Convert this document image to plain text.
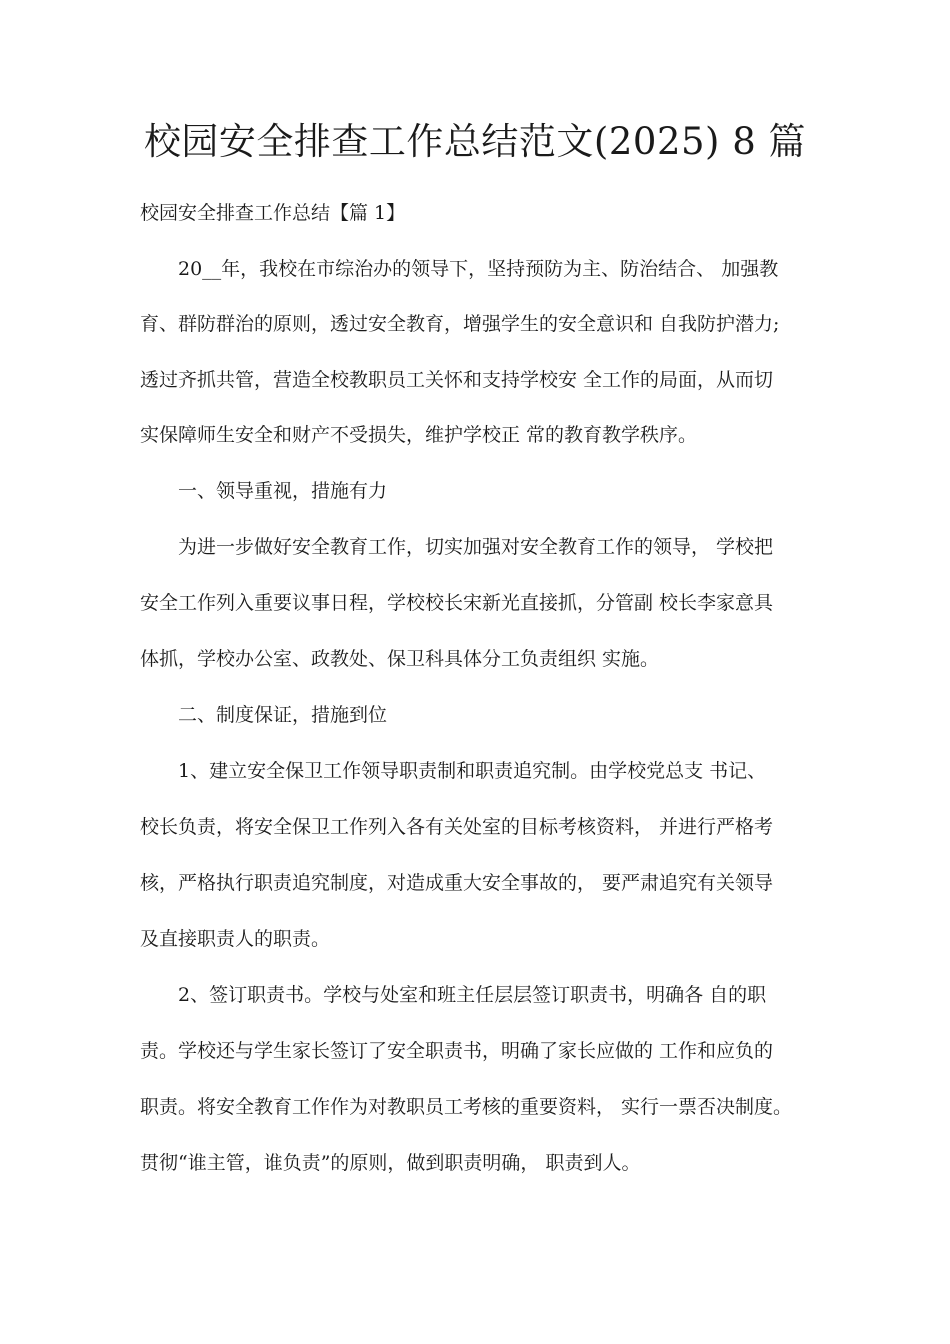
校园安全排查工作总结范文(2025) 8 篇
校园安全排查工作总结【篇 1】
　　20__年，我校在市综治办的领导下，坚持预防为主、防治结合、 加强教
育、群防群治的原则，透过安全教育，增强学生的安全意识和 自我防护潜力;
透过齐抓共管，营造全校教职员工关怀和支持学校安 全工作的局面，从而切
实保障师生安全和财产不受损失，维护学校正 常的教育教学秩序。
　　一、领导重视，措施有力
　　为进一步做好安全教育工作，切实加强对安全教育工作的领导， 学校把
安全工作列入重要议事日程，学校校长宋新光直接抓，分管副 校长李家意具
体抓，学校办公室、政教处、保卫科具体分工负责组织 实施。
　　二、制度保证，措施到位
　　1、建立安全保卫工作领导职责制和职责追究制。由学校党总支 书记、
校长负责，将安全保卫工作列入各有关处室的目标考核资料， 并进行严格考
核，严格执行职责追究制度，对造成重大安全事故的， 要严肃追究有关领导
及直接职责人的职责。
　　2、签订职责书。学校与处室和班主任层层签订职责书，明确各 自的职
责。学校还与学生家长签订了安全职责书，明确了家长应做的 工作和应负的
职责。将安全教育工作作为对教职员工考核的重要资料， 实行一票否决制度。
贯彻“谁主管，谁负责”的原则，做到职责明确， 职责到人。
